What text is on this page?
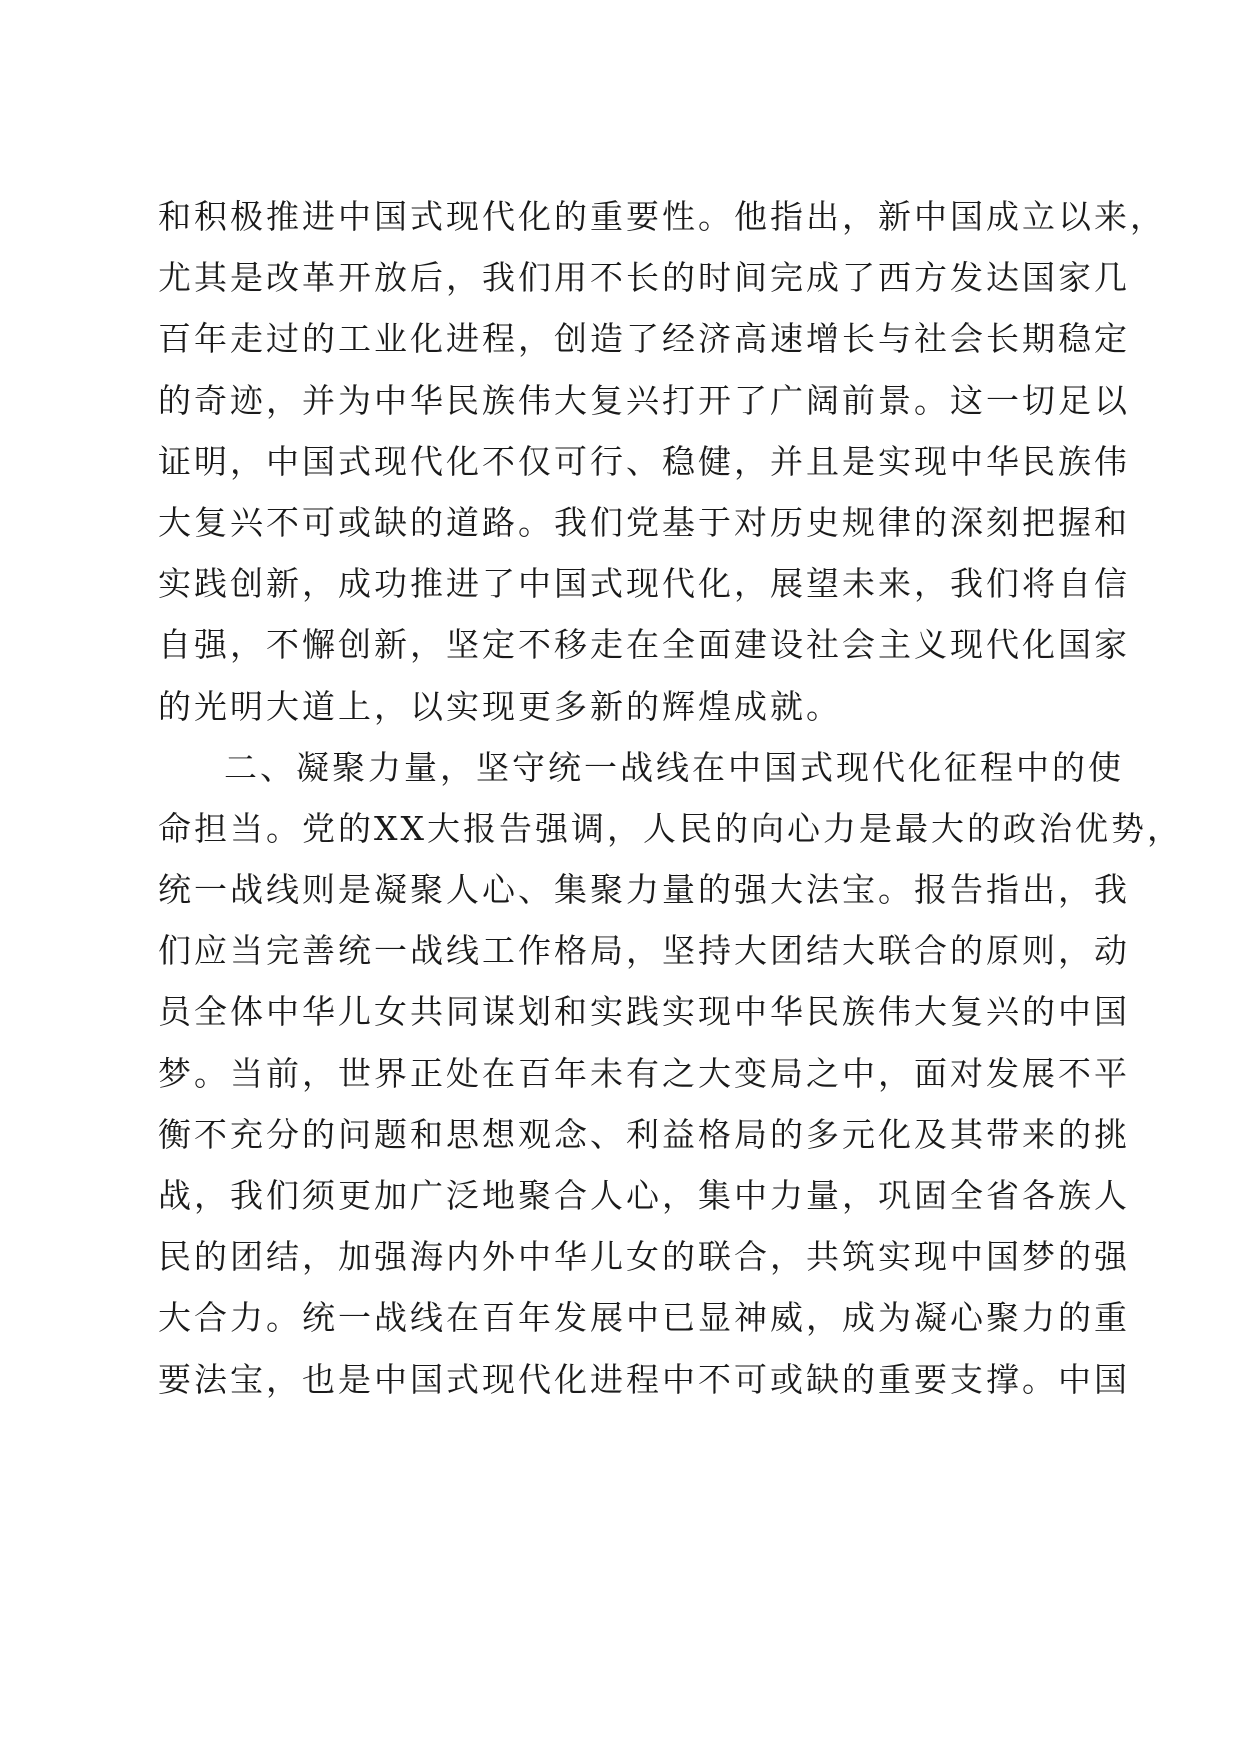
和积极推进中国式现代化的重要性。他指出，新中国成立以来，
尤其是改革开放后，我们用不长的时间完成了西方发达国家几
百年走过的工业化进程，创造了经济高速增长与社会长期稳定
的奇迹，并为中华民族伟大复兴打开了广阔前景。这一切足以
证明，中国式现代化不仅可行、稳健，并且是实现中华民族伟
大复兴不可或缺的道路。我们党基于对历史规律的深刻把握和
实践创新，成功推进了中国式现代化，展望未来，我们将自信
自强，不懈创新，坚定不移走在全面建设社会主义现代化国家
的光明大道上，以实现更多新的辉煌成就。
二、凝聚力量，坚守统一战线在中国式现代化征程中的使
命担当。党的XX大报告强调，人民的向心力是最大的政治优势，
统一战线则是凝聚人心、集聚力量的强大法宝。报告指出，我
们应当完善统一战线工作格局，坚持大团结大联合的原则，动
员全体中华儿女共同谋划和实践实现中华民族伟大复兴的中国
梦。当前，世界正处在百年未有之大变局之中，面对发展不平
衡不充分的问题和思想观念、利益格局的多元化及其带来的挑
战，我们须更加广泛地聚合人心，集中力量，巩固全省各族人
民的团结，加强海内外中华儿女的联合，共筑实现中国梦的强
大合力。统一战线在百年发展中已显神威，成为凝心聚力的重
要法宝，也是中国式现代化进程中不可或缺的重要支撑。中国
